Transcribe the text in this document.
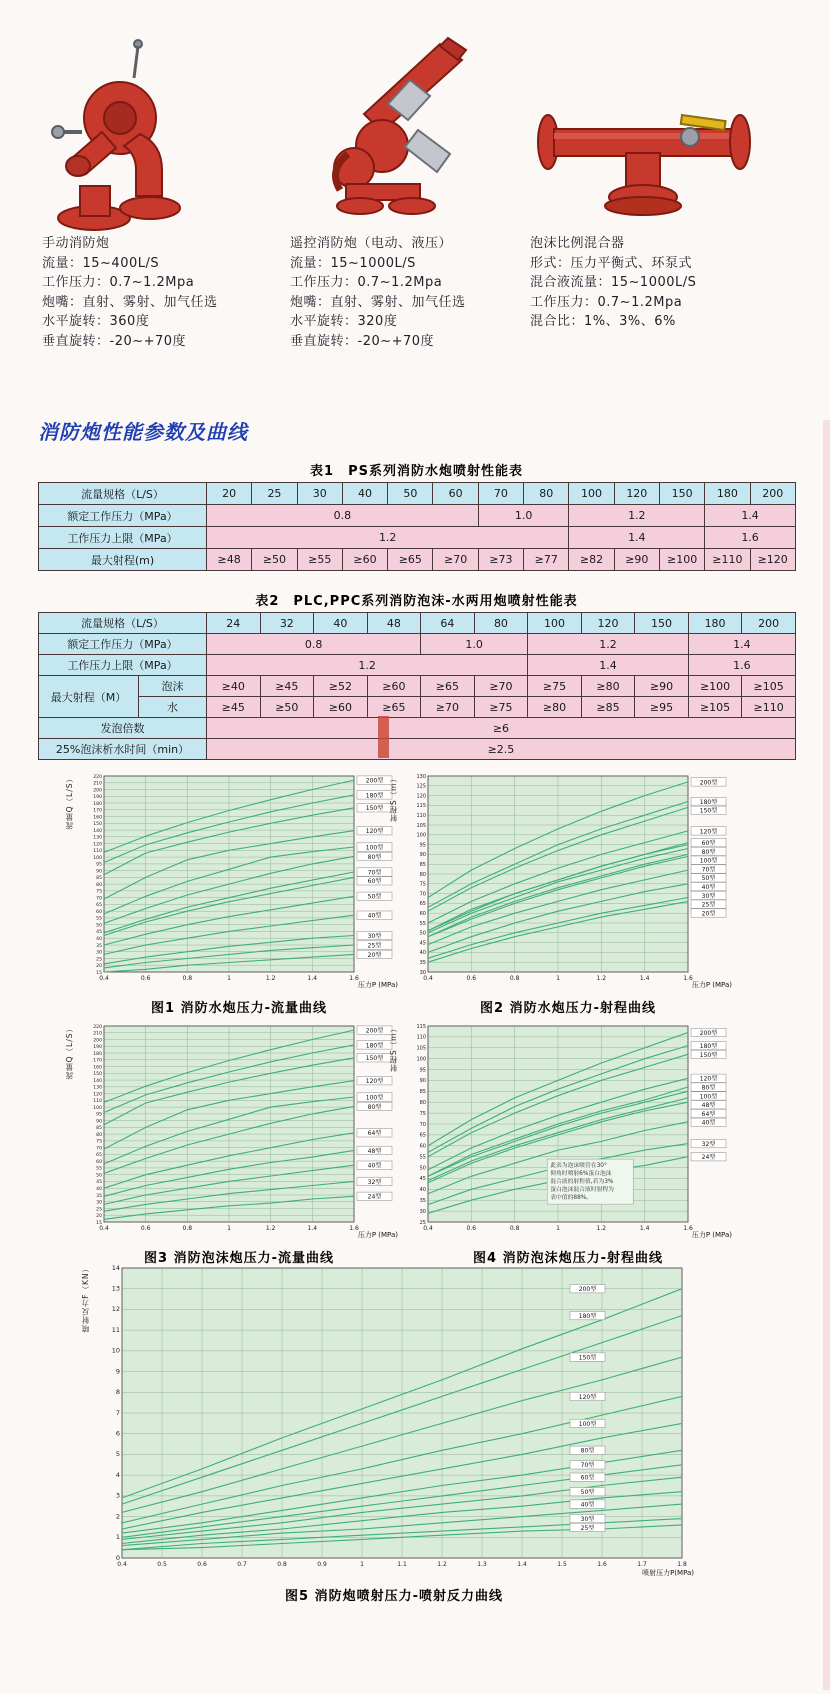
手动消防炮
流量：15~400L/S
工作压力：0.7~1.2Mpa
炮嘴：直射、雾射、加气任选
水平旋转：360度
垂直旋转：-20~+70度
遥控消防炮（电动、液压）
流量：15~1000L/S
工作压力：0.7~1.2Mpa
炮嘴：直射、雾射、加气任选
水平旋转：320度
垂直旋转：-20~+70度
泡沫比例混合器
形式：压力平衡式、环泵式
混合液流量：15~1000L/S
工作压力：0.7~1.2Mpa
混合比：1%、3%、6%
消防炮性能参数及曲线
表1　PS系列消防水炮喷射性能表
流量规格（L/S）	20	25	30	40	50	60	70	80	100	120	150	180	200
额定工作压力（MPa）	0.8						1.0		1.2			1.4	
工作压力上限（MPa）	1.2								1.4			1.6	
最大射程(m)	≥48	≥50	≥55	≥60	≥65	≥70	≥73	≥77	≥82	≥90	≥100	≥110	≥120
表2　PLC,PPC系列消防泡沫-水两用炮喷射性能表
流量规格（L/S）		24	32	40	48	64	80	100	120	150	180	200
额定工作压力（MPa）		0.8				1.0		1.2			1.4	
工作压力上限（MPa）		1.2						1.4			1.6	
最大射程（M）	泡沫	≥40	≥45	≥52	≥60	≥65	≥70	≥75	≥80	≥90	≥100	≥105
	水	≥45	≥50	≥60	≥65	≥70	≥75	≥80	≥85	≥95	≥105	≥110
发泡倍数		≥6										
25%泡沫析水时间（min）		≥2.5										
流量Q（L/S）
15
20
25
30
35
40
45
50
55
60
65
70
75
80
85
90
95
100
110
120
130
140
150
160
170
180
190
200
210
220
0.4	0.6	0.8	1	1.2	1.4	1.6
200型
180型
150型
120型
100型
80型
70型
60型
50型
40型
30型
25型
20型
压力P (MPa)
图1 消防水炮压力-流量曲线
射程S（m）
30
35
40
45
50
55
60
65
70
75
80
85
90
95
100
105
110
115
120
125
130
0.4	0.6	0.8	1	1.2	1.4	1.6
200型
180型
150型
120型
60型
80型
100型
70型
50型
40型
30型
25型
20型
压力P (MPa)
图2 消防水炮压力-射程曲线
流量Q（L/S）
15
20
25
30
35
40
45
50
55
60
65
70
75
80
85
90
95
100
110
120
130
140
150
160
170
180
190
200
210
220
0.4	0.6	0.8	1	1.2	1.4	1.6
200型
180型
150型
120型
100型
80型
64型
48型
40型
32型
24型
压力P (MPa)
图3 消防泡沫炮压力-流量曲线
射程S（m）
25
30
35
40
45
50
55
60
65
70
75
80
85
90
95
100
105
110
115
0.4	0.6	0.8	1	1.2	1.4	1.6
200型
180型
150型
120型
80型
100型
48型
64型
40型
32型
24型
压力P (MPa)
此表为泡沫喷管在30°
仰角时喷射6%蛋白泡沫
混合液的射程值,若为3%
蛋白泡沫混合液时射程为
表中值的88%。
图4 消防泡沫炮压力-射程曲线
喷射反力F（KN）
0
1
2
3
4
5
6
7
8
9
10
11
12
13
14
0.4	0.5	0.6	0.7	0.8	0.9	1	1.1	1.2	1.3	1.4	1.5	1.6	1.7	1.8
200型
180型
150型
120型
100型
80型
70型
60型
50型
40型
30型
25型
喷射压力P(MPa)
图5 消防炮喷射压力-喷射反力曲线
